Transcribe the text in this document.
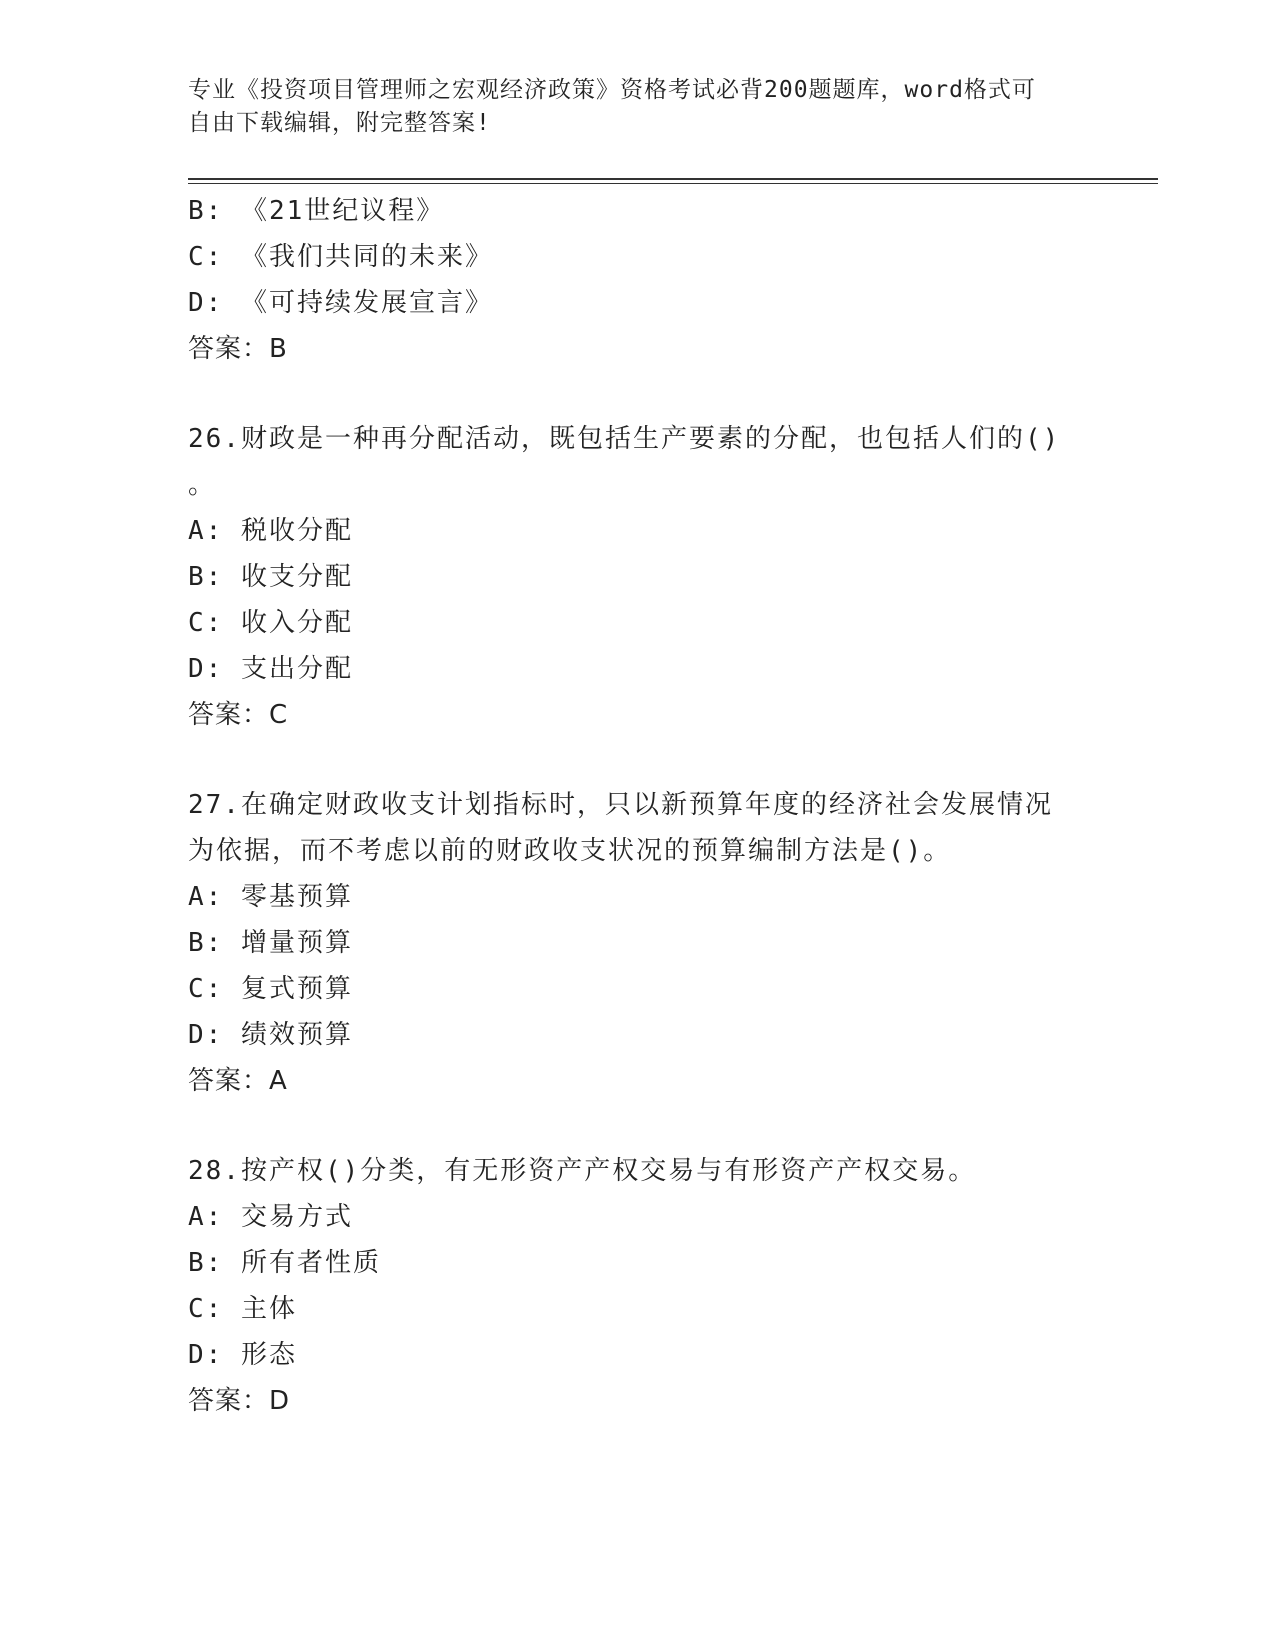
专业《投资项目管理师之宏观经济政策》资格考试必背200题题库，word格式可
自由下载编辑，附完整答案!
B: 《21世纪议程》
C: 《我们共同的未来》
D: 《可持续发展宣言》
答案：B
26.财政是一种再分配活动，既包括生产要素的分配，也包括人们的()
。
A: 税收分配
B: 收支分配
C: 收入分配
D: 支出分配
答案：C
27.在确定财政收支计划指标时，只以新预算年度的经济社会发展情况
为依据，而不考虑以前的财政收支状况的预算编制方法是()。
A: 零基预算
B: 增量预算
C: 复式预算
D: 绩效预算
答案：A
28.按产权()分类，有无形资产产权交易与有形资产产权交易。
A: 交易方式
B: 所有者性质
C: 主体
D: 形态
答案：D
